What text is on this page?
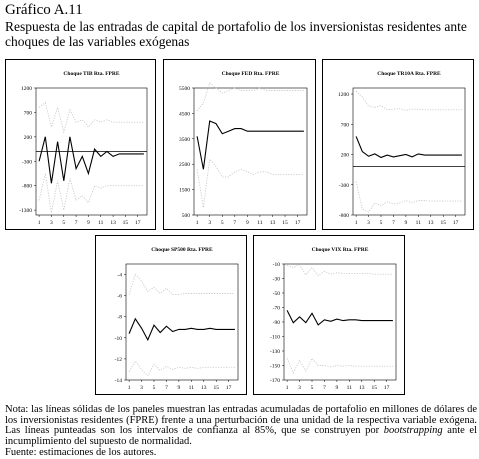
Gráfico A.11
Respuesta de las entradas de capital de portafolio de los inversionistas residentes ante choques de las variables exógenas
Choque TIB Rta. FPRE
1200
700
200
-300
-800
-1300
1 3 5 7 9 11 13 15 17
Choque FED Rta. FPRE
5500
4500
3500
2500
1500
500
1 3 5 7 9 11 13 15 17
Choque TR10A Rta. FPRE
1200
700
200
-300
-800
1 3 5 7 9 11 13 15 17
Choque SP500 Rta. FPRE
-4
-6
-8
-10
-12
-14
1 3 5 7 9 11 13 15 17
Choque VIX Rta. FPRE
-10
-30
-50
-70
-90
-110
-130
-150
-170
1 3 5 7 9 11 13 15 17
Nota: las líneas sólidas de los paneles muestran las entradas acumuladas de portafolio en millones de dólares de los inversionistas residentes (FPRE) frente a una perturbación de una unidad de la respectiva variable exógena. Las líneas punteadas son los intervalos de confianza al 85%, que se construyen por bootstrapping ante el incumplimiento del supuesto de normalidad.
Fuente: estimaciones de los autores.
